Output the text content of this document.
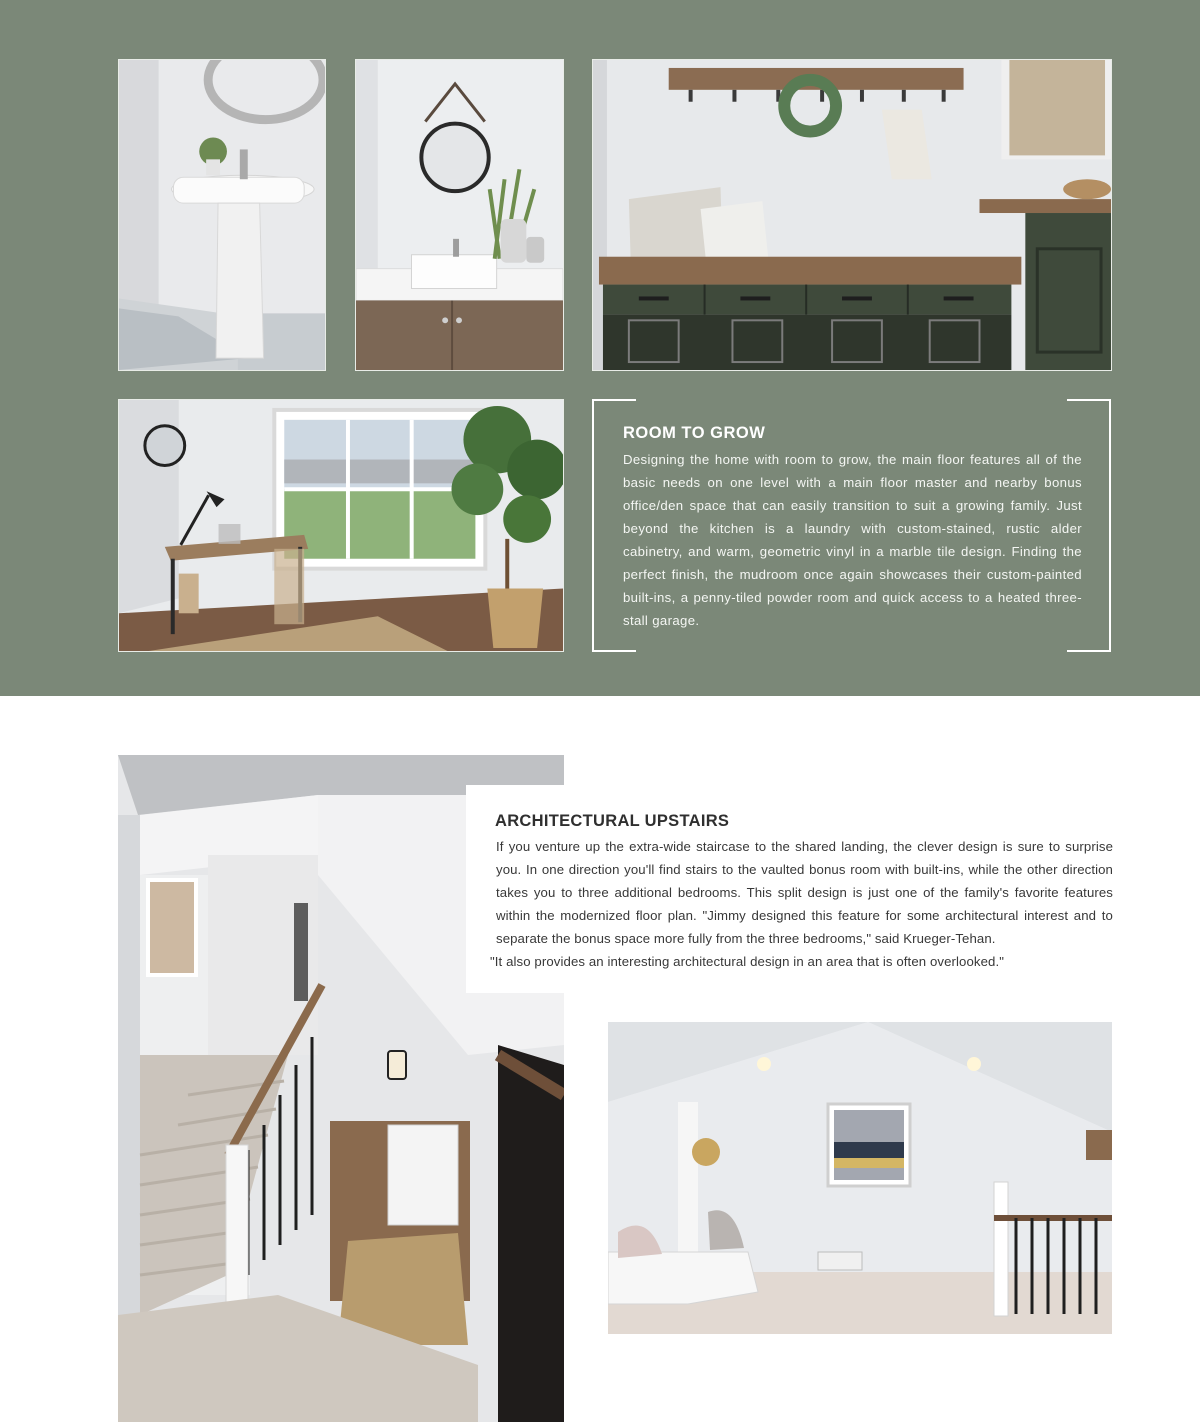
ROOM TO GROW

Designing the home with room to grow, the main floor features all of the basic needs on one level with a main floor master and nearby bonus office/den space that can easily transition to suit a growing family. Just beyond the kitchen is a laundry with custom-stained, rustic alder cabinetry, and warm, geometric vinyl in a marble tile design. Finding the perfect finish, the mudroom once again showcases their custom-painted built-ins, a penny-tiled powder room and quick access to a heated three-stall garage.

ARCHITECTURAL UPSTAIRS

If you venture up the extra-wide staircase to the shared landing, the clever design is sure to surprise you. In one direction you'll find stairs to the vaulted bonus room with built-ins, while the other direction takes you to three additional bedrooms. This split design is just one of the family's favorite features within the modernized floor plan. "Jimmy designed this feature for some architectural interest and to separate the bonus space more fully from the three bedrooms," said Krueger-Tehan.
"It also provides an interesting architectural design in an area that is often overlooked."
